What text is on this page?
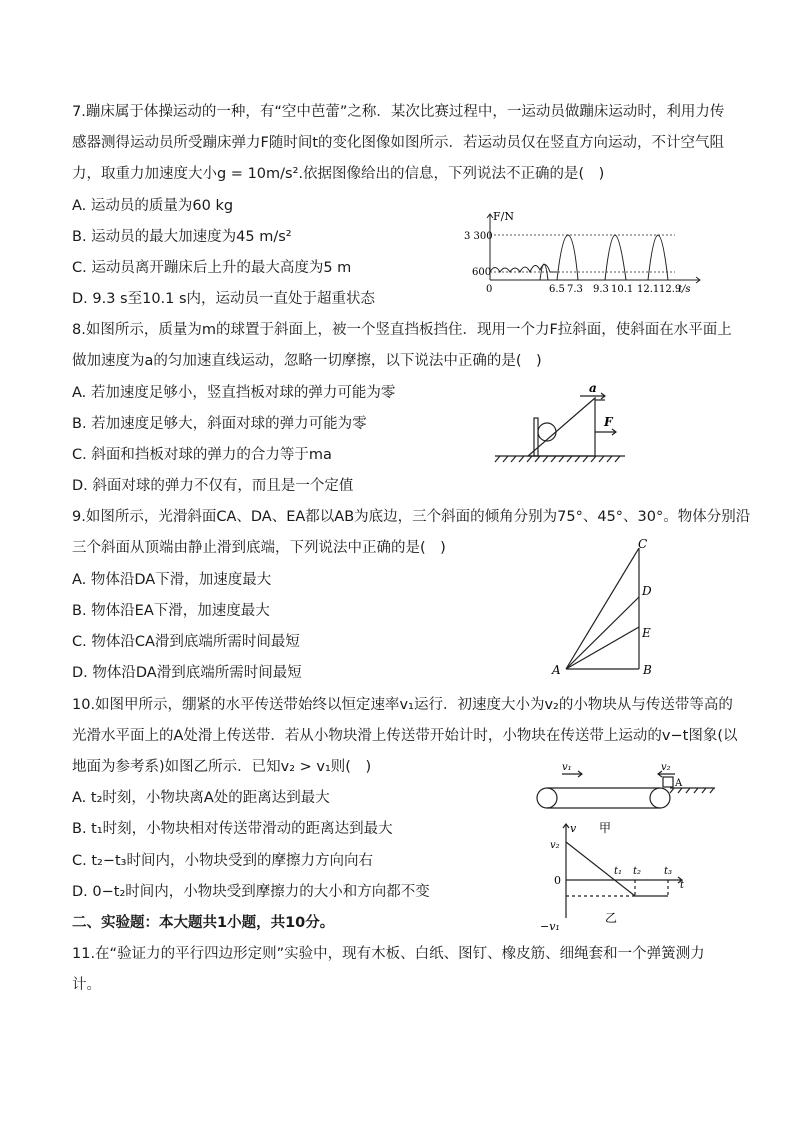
7.蹦床属于体操运动的一种，有“空中芭蕾”之称．某次比赛过程中，一运动员做蹦床运动时，利用力传
感器测得运动员所受蹦床弹力F随时间t的变化图像如图所示．若运动员仅在竖直方向运动，不计空气阻
力，取重力加速度大小g = 10m/s².依据图像给出的信息，下列说法不正确的是(　)
A. 运动员的质量为60 kg
B. 运动员的最大加速度为45 m/s²
C. 运动员离开蹦床后上升的最大高度为5 m
D. 9.3 s至10.1 s内，运动员一直处于超重状态
F/N
3 300
600
0	6.5 7.3 9.3 10.1 12.1 12.9
t/s
8.如图所示，质量为m的球置于斜面上，被一个竖直挡板挡住．现用一个力F拉斜面，使斜面在水平面上
做加速度为a的匀加速直线运动，忽略一切摩擦，以下说法中正确的是(　)
A. 若加速度足够小，竖直挡板对球的弹力可能为零
B. 若加速度足够大，斜面对球的弹力可能为零
C. 斜面和挡板对球的弹力的合力等于ma
D. 斜面对球的弹力不仅有，而且是一个定值
a
F
9.如图所示，光滑斜面CA、DA、EA都以AB为底边，三个斜面的倾角分别为75°、45°、30°。物体分别沿
三个斜面从顶端由静止滑到底端，下列说法中正确的是(　)
A. 物体沿DA下滑，加速度最大
B. 物体沿EA下滑，加速度最大
C. 物体沿CA滑到底端所需时间最短
D. 物体沿DA滑到底端所需时间最短
C
D
E
A	B
10.如图甲所示，绷紧的水平传送带始终以恒定速率v₁运行．初速度大小为v₂的小物块从与传送带等高的
光滑水平面上的A处滑上传送带．若从小物块滑上传送带开始计时，小物块在传送带上运动的v−t图象(以
地面为参考系)如图乙所示．已知v₂ > v₁则(　)
A. t₂时刻，小物块离A处的距离达到最大
B. t₁时刻，小物块相对传送带滑动的距离达到最大
C. t₂−t₃时间内，小物块受到的摩擦力方向向右
D. 0−t₂时间内，小物块受到摩擦力的大小和方向都不变
v₁	v₂
A
v 甲
v₂
0
t₁ t₂ t₃
t
−v₁
乙
二、实验题：本大题共1小题，共10分。
11.在“验证力的平行四边形定则”实验中，现有木板、白纸、图钉、橡皮筋、细绳套和一个弹簧测力
计。
